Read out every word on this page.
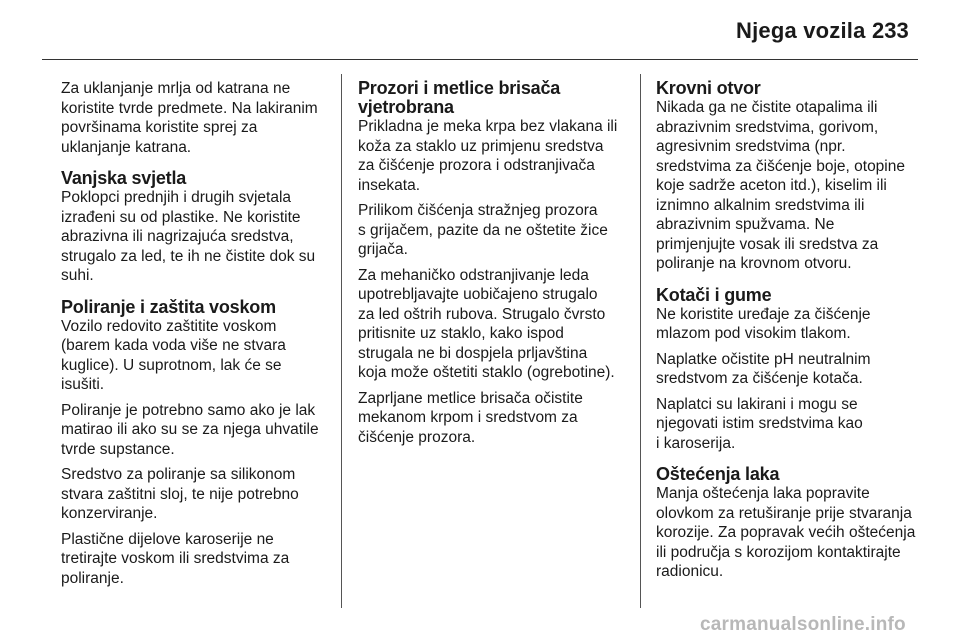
Njega vozila 233

Za uklanjanje mrlja od katrana ne
koristite tvrde predmete. Na lakiranim
površinama koristite sprej za
uklanjanje katrana.

Vanjska svjetla

Poklopci prednjih i drugih svjetala
izrađeni su od plastike. Ne koristite
abrazivna ili nagrizajuća sredstva,
strugalo za led, te ih ne čistite dok su
suhi.

Poliranje i zaštita voskom

Vozilo redovito zaštitite voskom
(barem kada voda više ne stvara
kuglice). U suprotnom, lak će se
isušiti.

Poliranje je potrebno samo ako je lak
matirao ili ako su se za njega uhvatile
tvrde supstance.

Sredstvo za poliranje sa silikonom
stvara zaštitni sloj, te nije potrebno
konzerviranje.

Plastične dijelove karoserije ne
tretirajte voskom ili sredstvima za
poliranje.

Prozori i metlice brisača
vjetrobrana

Prikladna je meka krpa bez vlakana ili
koža za staklo uz primjenu sredstva
za čišćenje prozora i odstranjivača
insekata.

Prilikom čišćenja stražnjeg prozora
s grijačem, pazite da ne oštetite žice
grijača.

Za mehaničko odstranjivanje leda
upotrebljavajte uobičajeno strugalo
za led oštrih rubova. Strugalo čvrsto
pritisnite uz staklo, kako ispod
strugala ne bi dospjela prljavština
koja može oštetiti staklo (ogrebotine).

Zaprljane metlice brisača očistite
mekanom krpom i sredstvom za
čišćenje prozora.

Krovni otvor

Nikada ga ne čistite otapalima ili
abrazivnim sredstvima, gorivom,
agresivnim sredstvima (npr.
sredstvima za čišćenje boje, otopine
koje sadrže aceton itd.), kiselim ili
iznimno alkalnim sredstvima ili
abrazivnim spužvama. Ne
primjenjujte vosak ili sredstva za
poliranje na krovnom otvoru.

Kotači i gume

Ne koristite uređaje za čišćenje
mlazom pod visokim tlakom.

Naplatke očistite pH neutralnim
sredstvom za čišćenje kotača.

Naplatci su lakirani i mogu se
njegovati istim sredstvima kao
i karoserija.

Oštećenja laka

Manja oštećenja laka popravite
olovkom za retuširanje prije stvaranja
korozije. Za popravak većih oštećenja
ili područja s korozijom kontaktirajte
radionicu.

carmanualsonline.info
